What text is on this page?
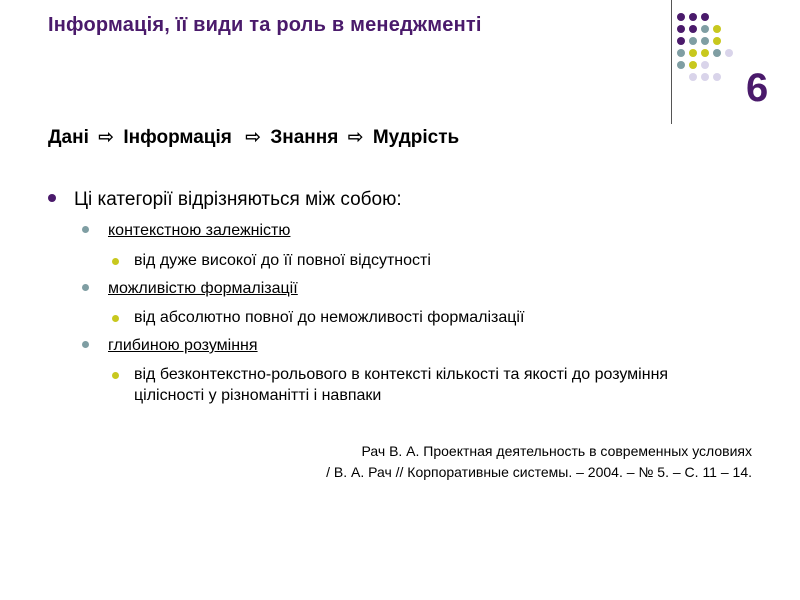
Інформація, її види та роль в менеджменті
6
Дані ⇨ Інформація ⇨ Знання ⇨ Мудрість
Ці категорії відрізняються між собою:
контекстною залежністю
від дуже високої до її повної відсутності
можливістю формалізації
від абсолютно повної до неможливості формалізації
глибиною розуміння
від безконтекстно-рольового в контексті кількості та якості до розуміння цілісності у різноманітті і навпаки
Рач В. А. Проектная деятельность в современных условиях
/ В. А. Рач // Корпоративные системы. – 2004. – № 5. – С. 11 – 14.
